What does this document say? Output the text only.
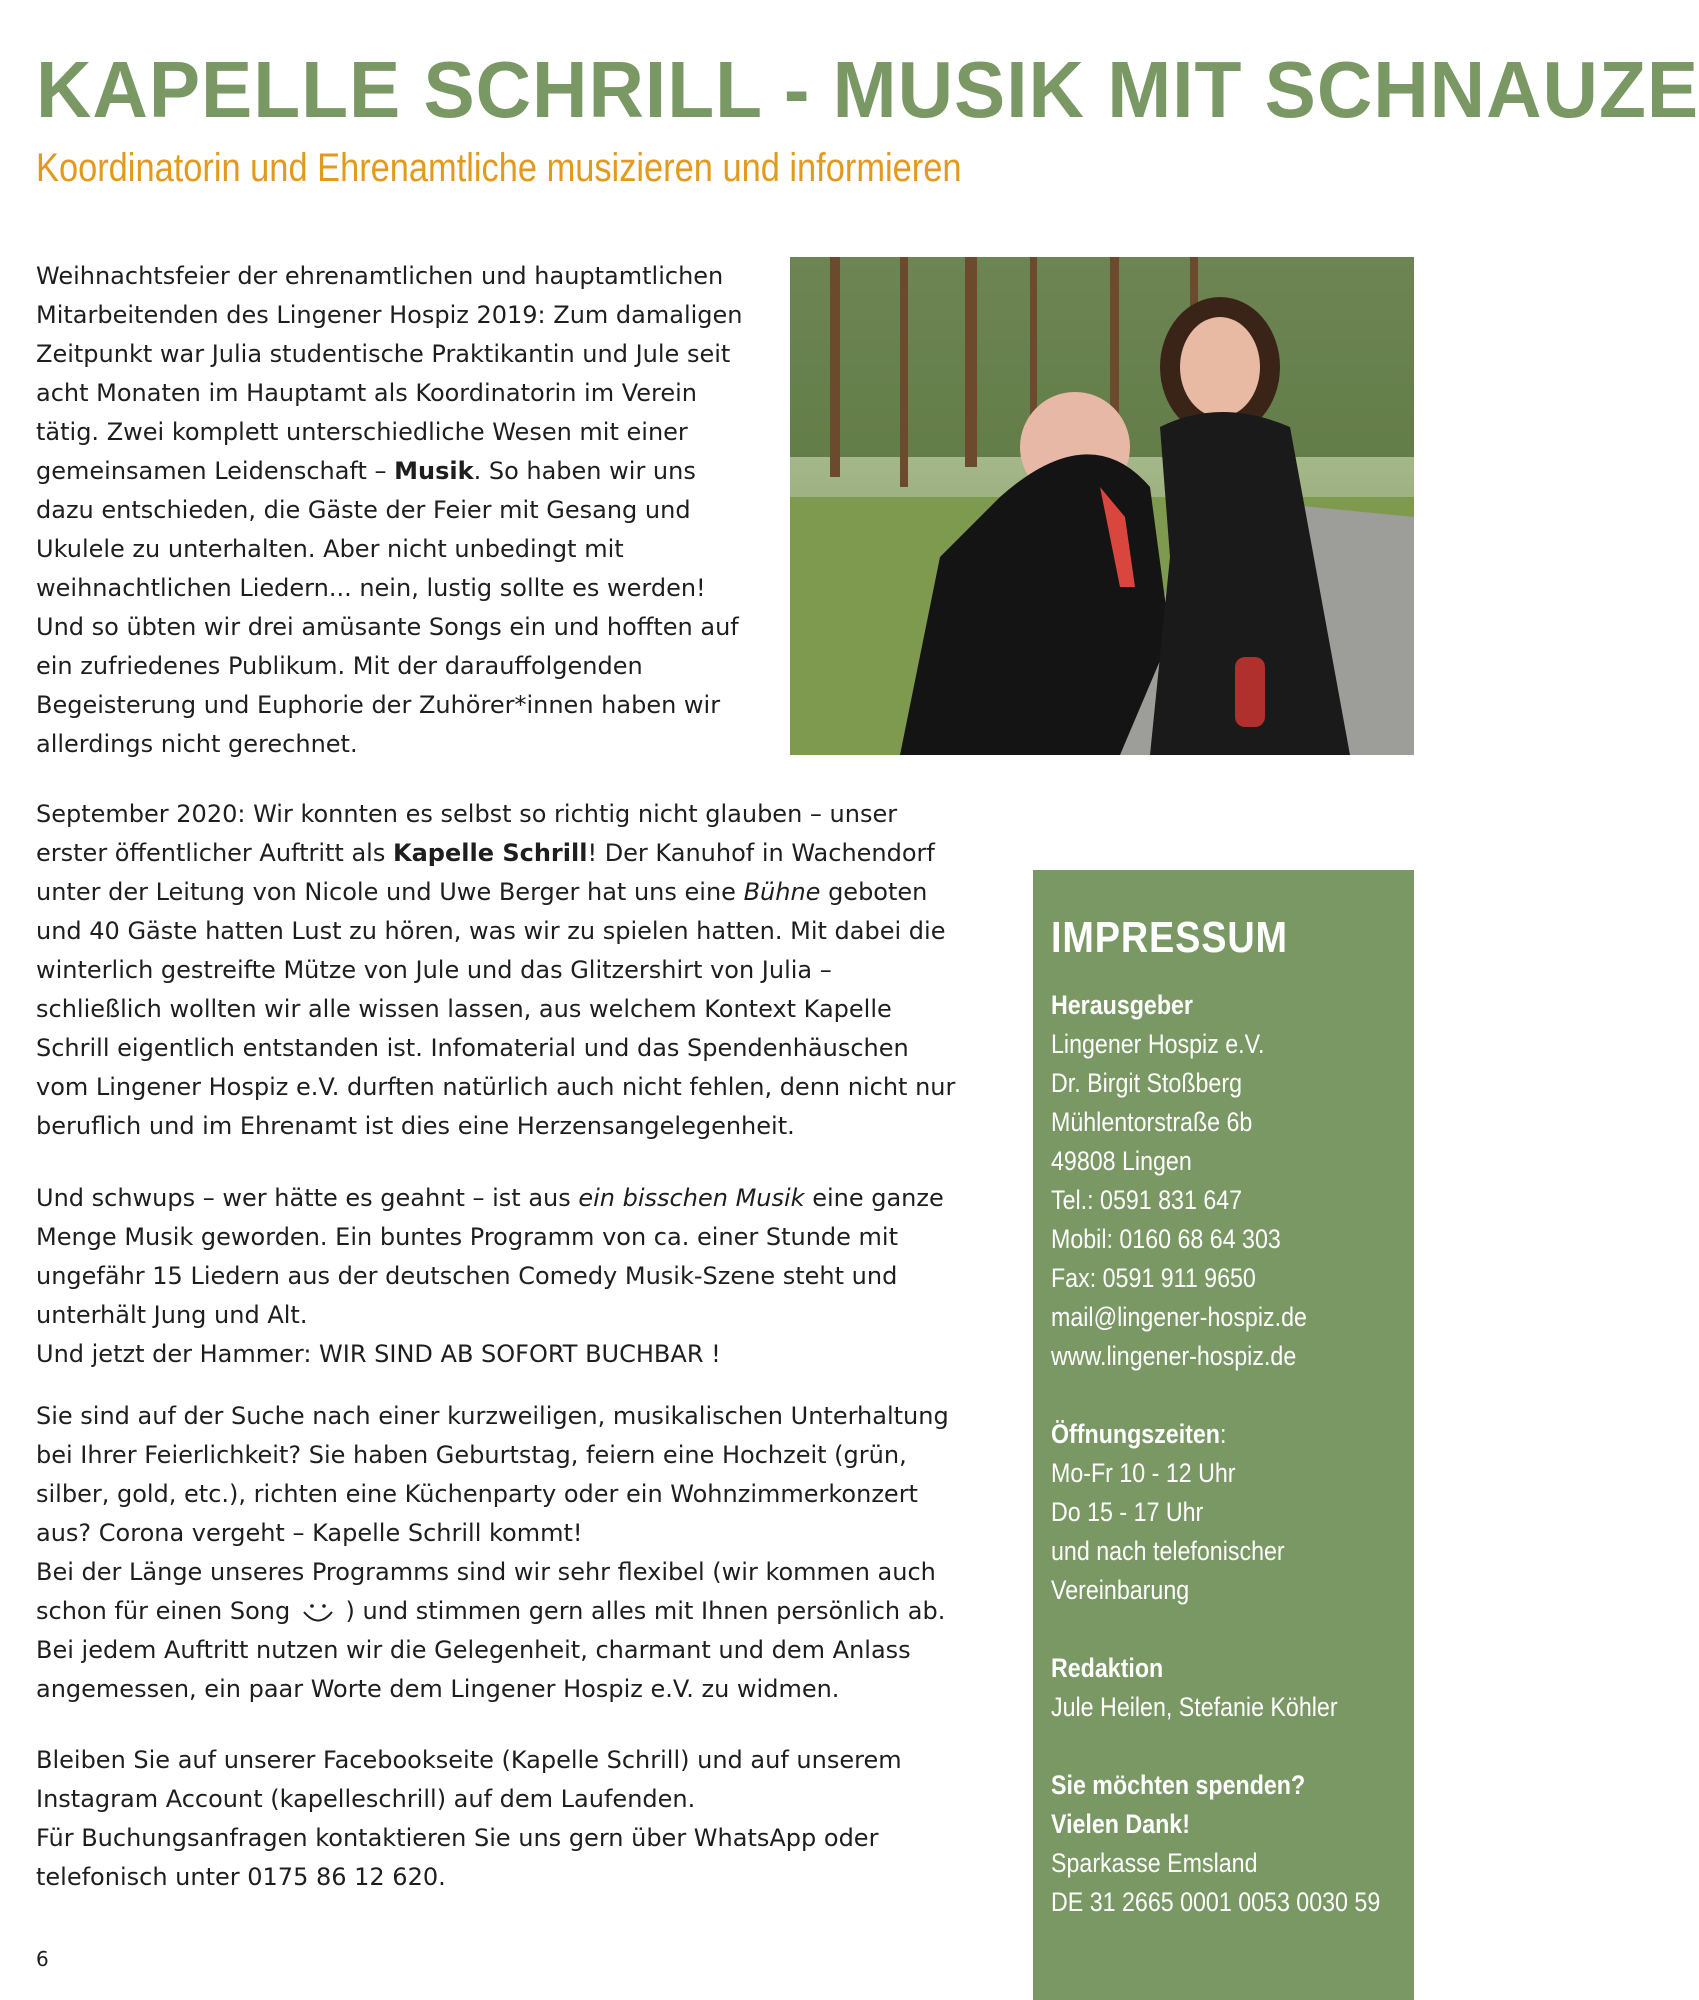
KAPELLE SCHRILL - MUSIK MIT SCHNAUZE
Koordinatorin und Ehrenamtliche musizieren und informieren
Weihnachtsfeier der ehrenamtlichen und hauptamtlichen
Mitarbeitenden des Lingener Hospiz 2019: Zum damaligen
Zeitpunkt war Julia studentische Praktikantin und Jule seit
acht Monaten im Hauptamt als Koordinatorin im Verein
tätig. Zwei komplett unterschiedliche Wesen mit einer
gemeinsamen Leidenschaft – Musik. So haben wir uns
dazu entschieden, die Gäste der Feier mit Gesang und
Ukulele zu unterhalten. Aber nicht unbedingt mit
weihnachtlichen Liedern... nein, lustig sollte es werden!
Und so übten wir drei amüsante Songs ein und hofften auf
ein zufriedenes Publikum. Mit der darauffolgenden
Begeisterung und Euphorie der Zuhörer*innen haben wir
allerdings nicht gerechnet.
September 2020: Wir konnten es selbst so richtig nicht glauben – unser
erster öffentlicher Auftritt als Kapelle Schrill! Der Kanuhof in Wachendorf
unter der Leitung von Nicole und Uwe Berger hat uns eine Bühne geboten
und 40 Gäste hatten Lust zu hören, was wir zu spielen hatten. Mit dabei die
winterlich gestreifte Mütze von Jule und das Glitzershirt von Julia –
schließlich wollten wir alle wissen lassen, aus welchem Kontext Kapelle
Schrill eigentlich entstanden ist. Infomaterial und das Spendenhäuschen
vom Lingener Hospiz e.V. durften natürlich auch nicht fehlen, denn nicht nur
beruflich und im Ehrenamt ist dies eine Herzensangelegenheit.
Und schwups – wer hätte es geahnt – ist aus ein bisschen Musik eine ganze
Menge Musik geworden. Ein buntes Programm von ca. einer Stunde mit
ungefähr 15 Liedern aus der deutschen Comedy Musik-Szene steht und
unterhält Jung und Alt.
Und jetzt der Hammer: WIR SIND AB SOFORT BUCHBAR !
Sie sind auf der Suche nach einer kurzweiligen, musikalischen Unterhaltung
bei Ihrer Feierlichkeit? Sie haben Geburtstag, feiern eine Hochzeit (grün,
silber, gold, etc.), richten eine Küchenparty oder ein Wohnzimmerkonzert
aus? Corona vergeht – Kapelle Schrill kommt!
Bei der Länge unseres Programms sind wir sehr flexibel (wir kommen auch
schon für einen Song  ) und stimmen gern alles mit Ihnen persönlich ab.
Bei jedem Auftritt nutzen wir die Gelegenheit, charmant und dem Anlass
angemessen, ein paar Worte dem Lingener Hospiz e.V. zu widmen.
Bleiben Sie auf unserer Facebookseite (Kapelle Schrill) und auf unserem
Instagram Account (kapelleschrill) auf dem Laufenden.
Für Buchungsanfragen kontaktieren Sie uns gern über WhatsApp oder
telefonisch unter 0175 86 12 620.
IMPRESSUM
Herausgeber
Lingener Hospiz e.V.
Dr. Birgit Stoßberg
Mühlentorstraße 6b
49808 Lingen
Tel.: 0591 831 647
Mobil: 0160 68 64 303
Fax: 0591 911 9650
mail@lingener-hospiz.de
www.lingener-hospiz.de
Öffnungszeiten:
Mo-Fr 10 - 12 Uhr
Do 15 - 17 Uhr
und nach telefonischer
Vereinbarung
Redaktion
Jule Heilen, Stefanie Köhler
Sie möchten spenden?
Vielen Dank!
Sparkasse Emsland
DE 31 2665 0001 0053 0030 59
6
